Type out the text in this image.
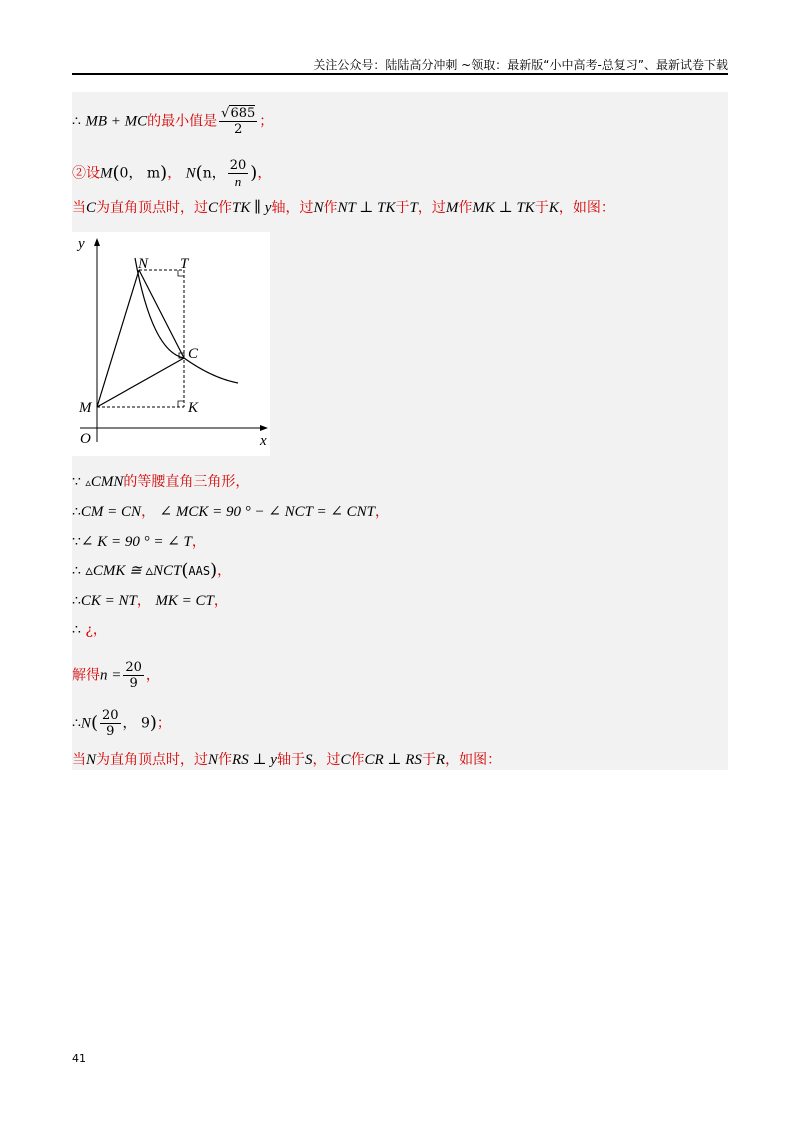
关注公众号：陆陆高分冲刺 ~领取：最新版“小中高考-总复习”、最新试卷下载
∴ MB + MC的最小值是 $\frac{√685}{2}$ ；
②设M(0， m)， N(n， $\frac{20}{n}$ )，
当C为直角顶点时，过C作TK ∥ y轴，过N作NT ⊥ TK于T，过M作MK ⊥ TK于K，如图：
y
x
O
M
N T
C
K
∵ ▵CMN的等腰直角三角形，
∴CM = CN， ∠ MCK = 90 ° − ∠ NCT = ∠ CNT，
∵∠ K = 90 ° = ∠ T，
∴ ▵CMK ≅ ▵NCT(AAS)，
∴CK = NT， MK = CT，
∴ ¿，
解得$n = \frac{20}{9}$ ，
∴N( $\frac{20}{9}$ ， 9)；
当N为直角顶点时，过N作RS ⊥ y轴于S，过C作CR ⊥ RS于R，如图：
41
